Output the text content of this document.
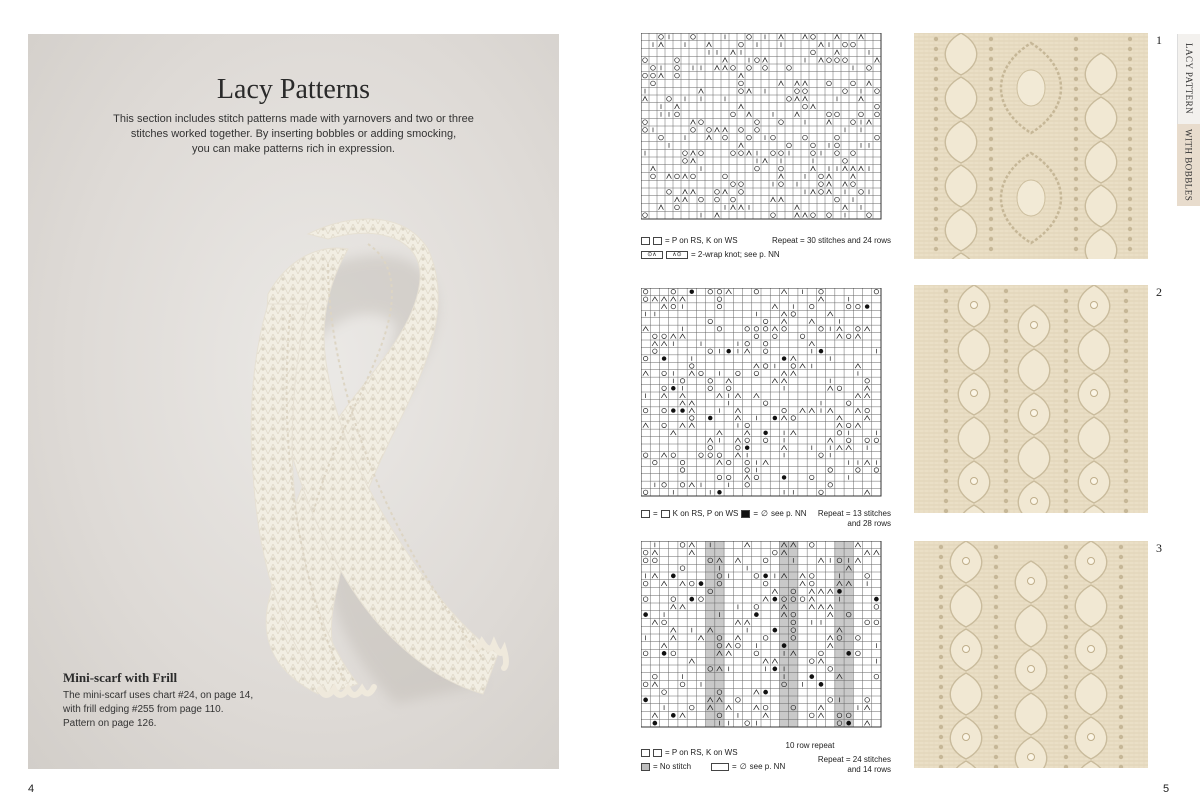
Lacy Patterns
This section includes stitch patterns made with yarnovers and two or three
stitches worked together. By inserting bobbles or adding smocking,
you can make patterns rich in expression.
Mini-scarf with Frill
The mini-scarf uses chart #24, on page 14,
with frill edging #255 from page 110.
Pattern on page 126.
4
= P on RS, K on WS	Repeat = 30 stitches and 24 rows
⊙∧	∧⊙	= 2-wrap knot; see p. NN
= K on RS, P on WS = ∅ see p. NN	Repeat = 13 stitches
and 28 rows
10 row repeat
= P on RS, K on WS
= No stitch	= ∅ see p. NN
Repeat = 24 stitches
and 14 rows
1
2
3
LACY PATTERN
WITH BOBBLES
5
